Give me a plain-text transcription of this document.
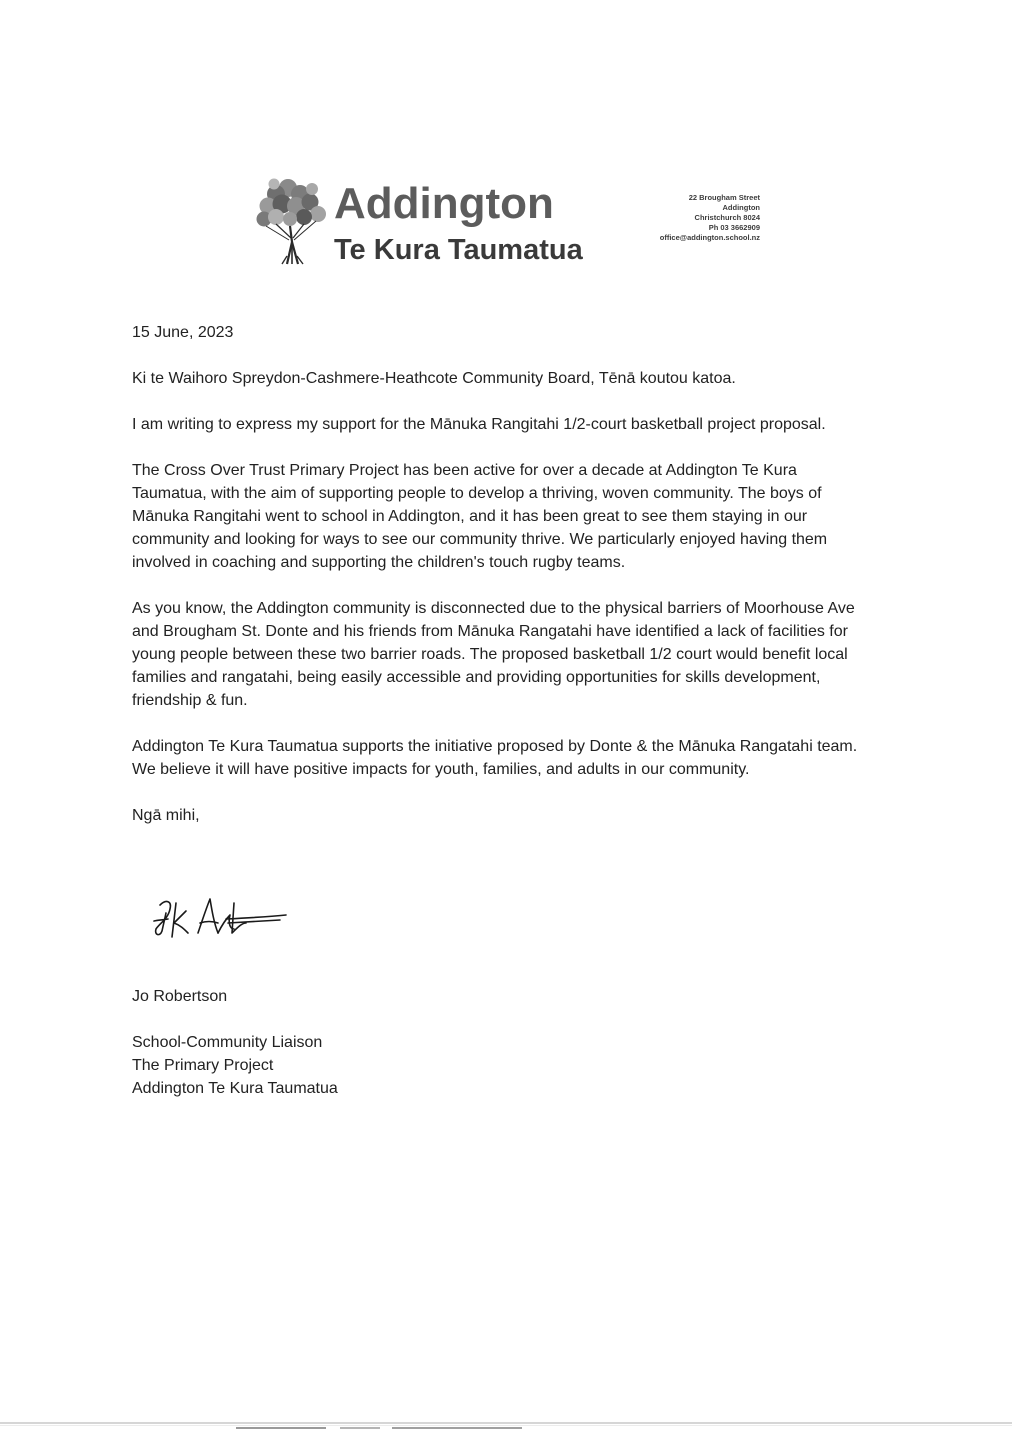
Addington
Te Kura Taumatua
22 Brougham Street
Addington
Christchurch 8024
Ph 03 3662909
office@addington.school.nz

15 June, 2023

Ki te Waihoro Spreydon-Cashmere-Heathcote Community Board, Tēnā koutou katoa.

I am writing to express my support for the Mānuka Rangitahi 1/2-court basketball project proposal.

The Cross Over Trust Primary Project has been active for over a decade at Addington Te Kura Taumatua, with the aim of supporting people to develop a thriving, woven community. The boys of Mānuka Rangitahi went to school in Addington, and it has been great to see them staying in our community and looking for ways to see our community thrive. We particularly enjoyed having them involved in coaching and supporting the children's touch rugby teams.

As you know, the Addington community is disconnected due to the physical barriers of Moorhouse Ave and Brougham St. Donte and his friends from Mānuka Rangatahi have identified a lack of facilities for young people between these two barrier roads. The proposed basketball 1/2 court would benefit local families and rangatahi, being easily accessible and providing opportunities for skills development, friendship & fun.

Addington Te Kura Taumatua supports the initiative proposed by Donte & the Mānuka Rangatahi team. We believe it will have positive impacts for youth, families, and adults in our community.

Ngā mihi,

Jo Robertson
School-Community Liaison
The Primary Project
Addington Te Kura Taumatua
